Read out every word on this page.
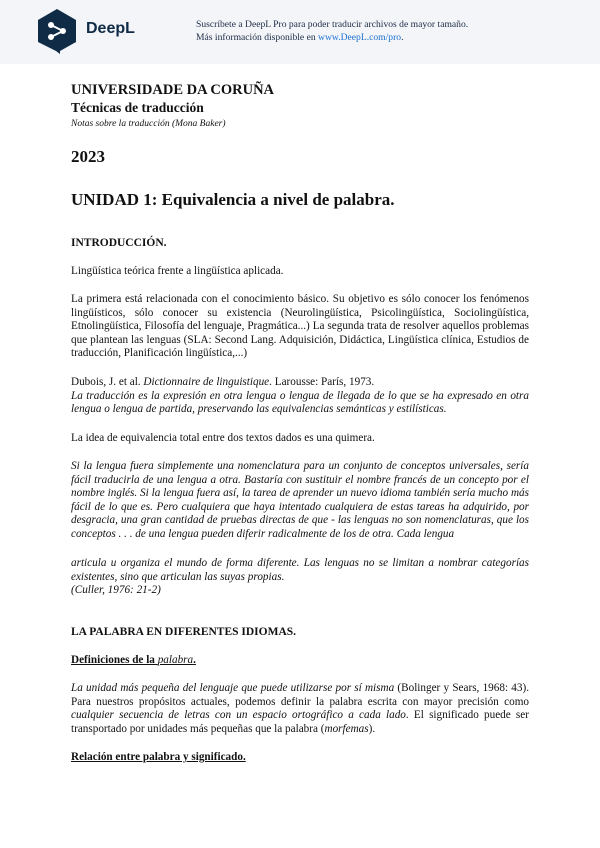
DeepL	Suscríbete a DeepL Pro para poder traducir archivos de mayor tamaño.
Más información disponible en www.DeepL.com/pro.
UNIVERSIDADE DA CORUÑA
Técnicas de traducción
Notas sobre la traducción (Mona Baker)
2023
UNIDAD 1: Equivalencia a nivel de palabra.
INTRODUCCIÓN.
Lingüística teórica frente a lingüística aplicada.
La primera está relacionada con el conocimiento básico. Su objetivo es sólo conocer los fenómenos lingüísticos, sólo conocer su existencia (Neurolingüística, Psicolingüística, Sociolingüística, Etnolingüística, Filosofía del lenguaje, Pragmática...) La segunda trata de resolver aquellos problemas que plantean las lenguas (SLA: Second Lang. Adquisición, Didáctica, Lingüística clínica, Estudios de traducción, Planificación lingüística,...)
Dubois, J. et al. Dictionnaire de linguistique. Larousse: París, 1973.
La traducción es la expresión en otra lengua o lengua de llegada de lo que se ha expresado en otra lengua o lengua de partida, preservando las equivalencias semánticas y estilísticas.
La idea de equivalencia total entre dos textos dados es una quimera.
Si la lengua fuera simplemente una nomenclatura para un conjunto de conceptos universales, sería fácil traducirla de una lengua a otra. Bastaría con sustituir el nombre francés de un concepto por el nombre inglés. Si la lengua fuera así, la tarea de aprender un nuevo idioma también sería mucho más fácil de lo que es. Pero cualquiera que haya intentado cualquiera de estas tareas ha adquirido, por desgracia, una gran cantidad de pruebas directas de que - las lenguas no son nomenclaturas, que los conceptos . . . de una lengua pueden diferir radicalmente de los de otra. Cada lengua
articula u organiza el mundo de forma diferente. Las lenguas no se limitan a nombrar categorías existentes, sino que articulan las suyas propias.
(Culler, 1976: 21-2)
LA PALABRA EN DIFERENTES IDIOMAS.
Definiciones de la palabra.
La unidad más pequeña del lenguaje que puede utilizarse por sí misma (Bolinger y Sears, 1968: 43). Para nuestros propósitos actuales, podemos definir la palabra escrita con mayor precisión como cualquier secuencia de letras con un espacio ortográfico a cada lado. El significado puede ser transportado por unidades más pequeñas que la palabra (morfemas).
Relación entre palabra y significado.
